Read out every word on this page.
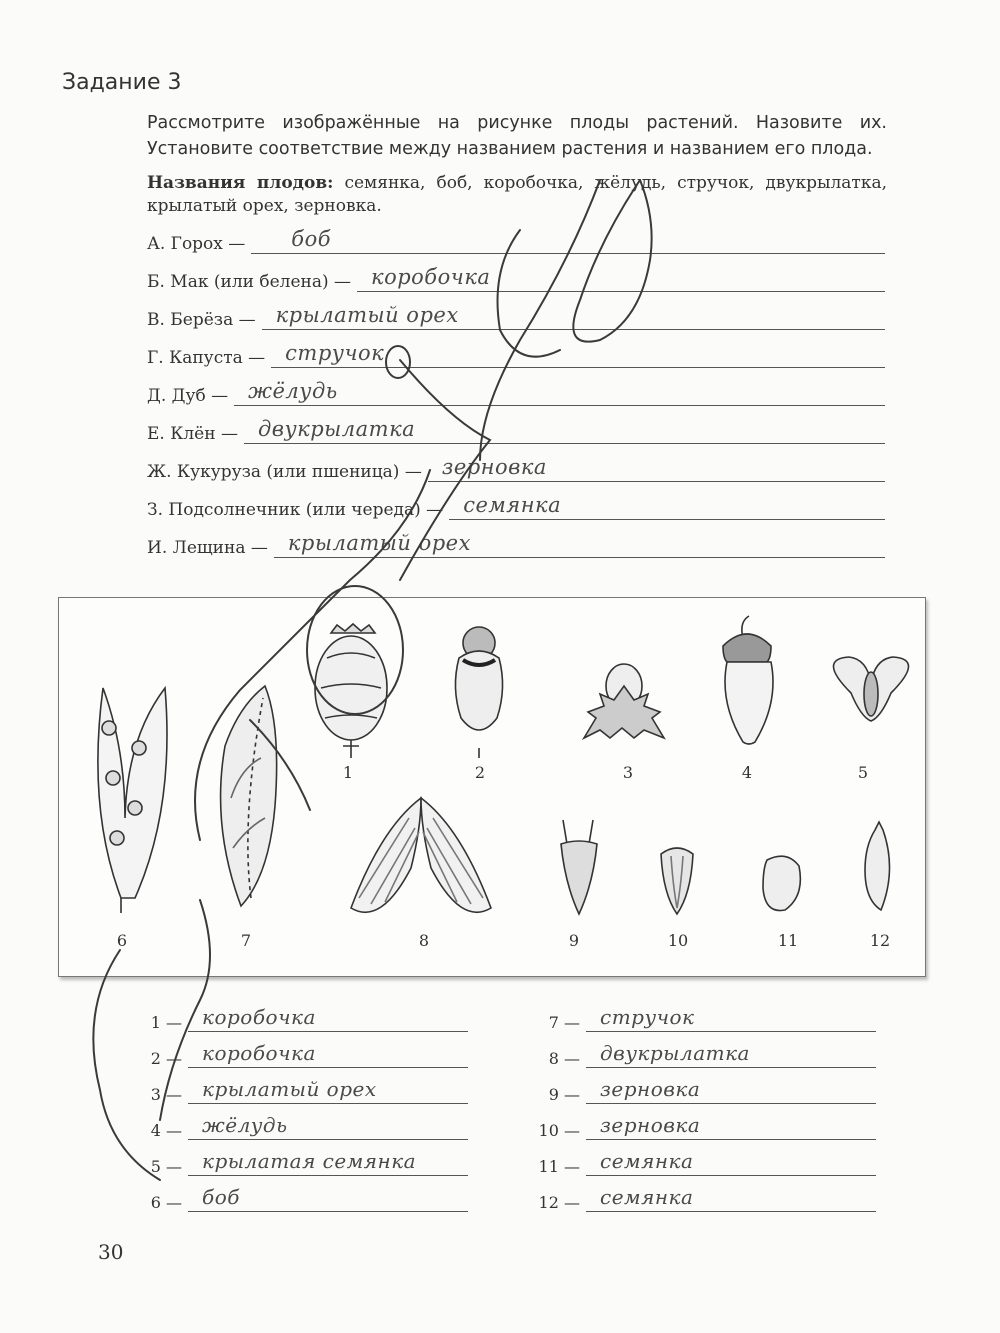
Задание 3
Рассмотрите изображённые на рисунке плоды растений. Назовите их. Установите соответствие между названием растения и названием его плода.
Названия плодов: семянка, боб, коробочка, жёлудь, стручок, двукрылатка, крылатый орех, зерновка.
А. Горох — боб
Б. Мак (или белена) — коробочка
В. Берёза — крылатый орех
Г. Капуста — стручок
Д. Дуб — жёлудь
Е. Клён — двукрылатка
Ж. Кукуруза (или пшеница) — зерновка
З. Подсолнечник (или череда) — семянка
И. Лещина — крылатый орех
1	2	3	4	5
6	7	8	9	10	11	12
1 —	коробочка
2 —	коробочка
3 —	крылатый орех
4 —	жёлудь
5 —	крылатая семянка
6 —	боб
7 —	стручок
8 —	двукрылатка
9 —	зерновка
10 —	зерновка
11 —	семянка
12 —	семянка
30
